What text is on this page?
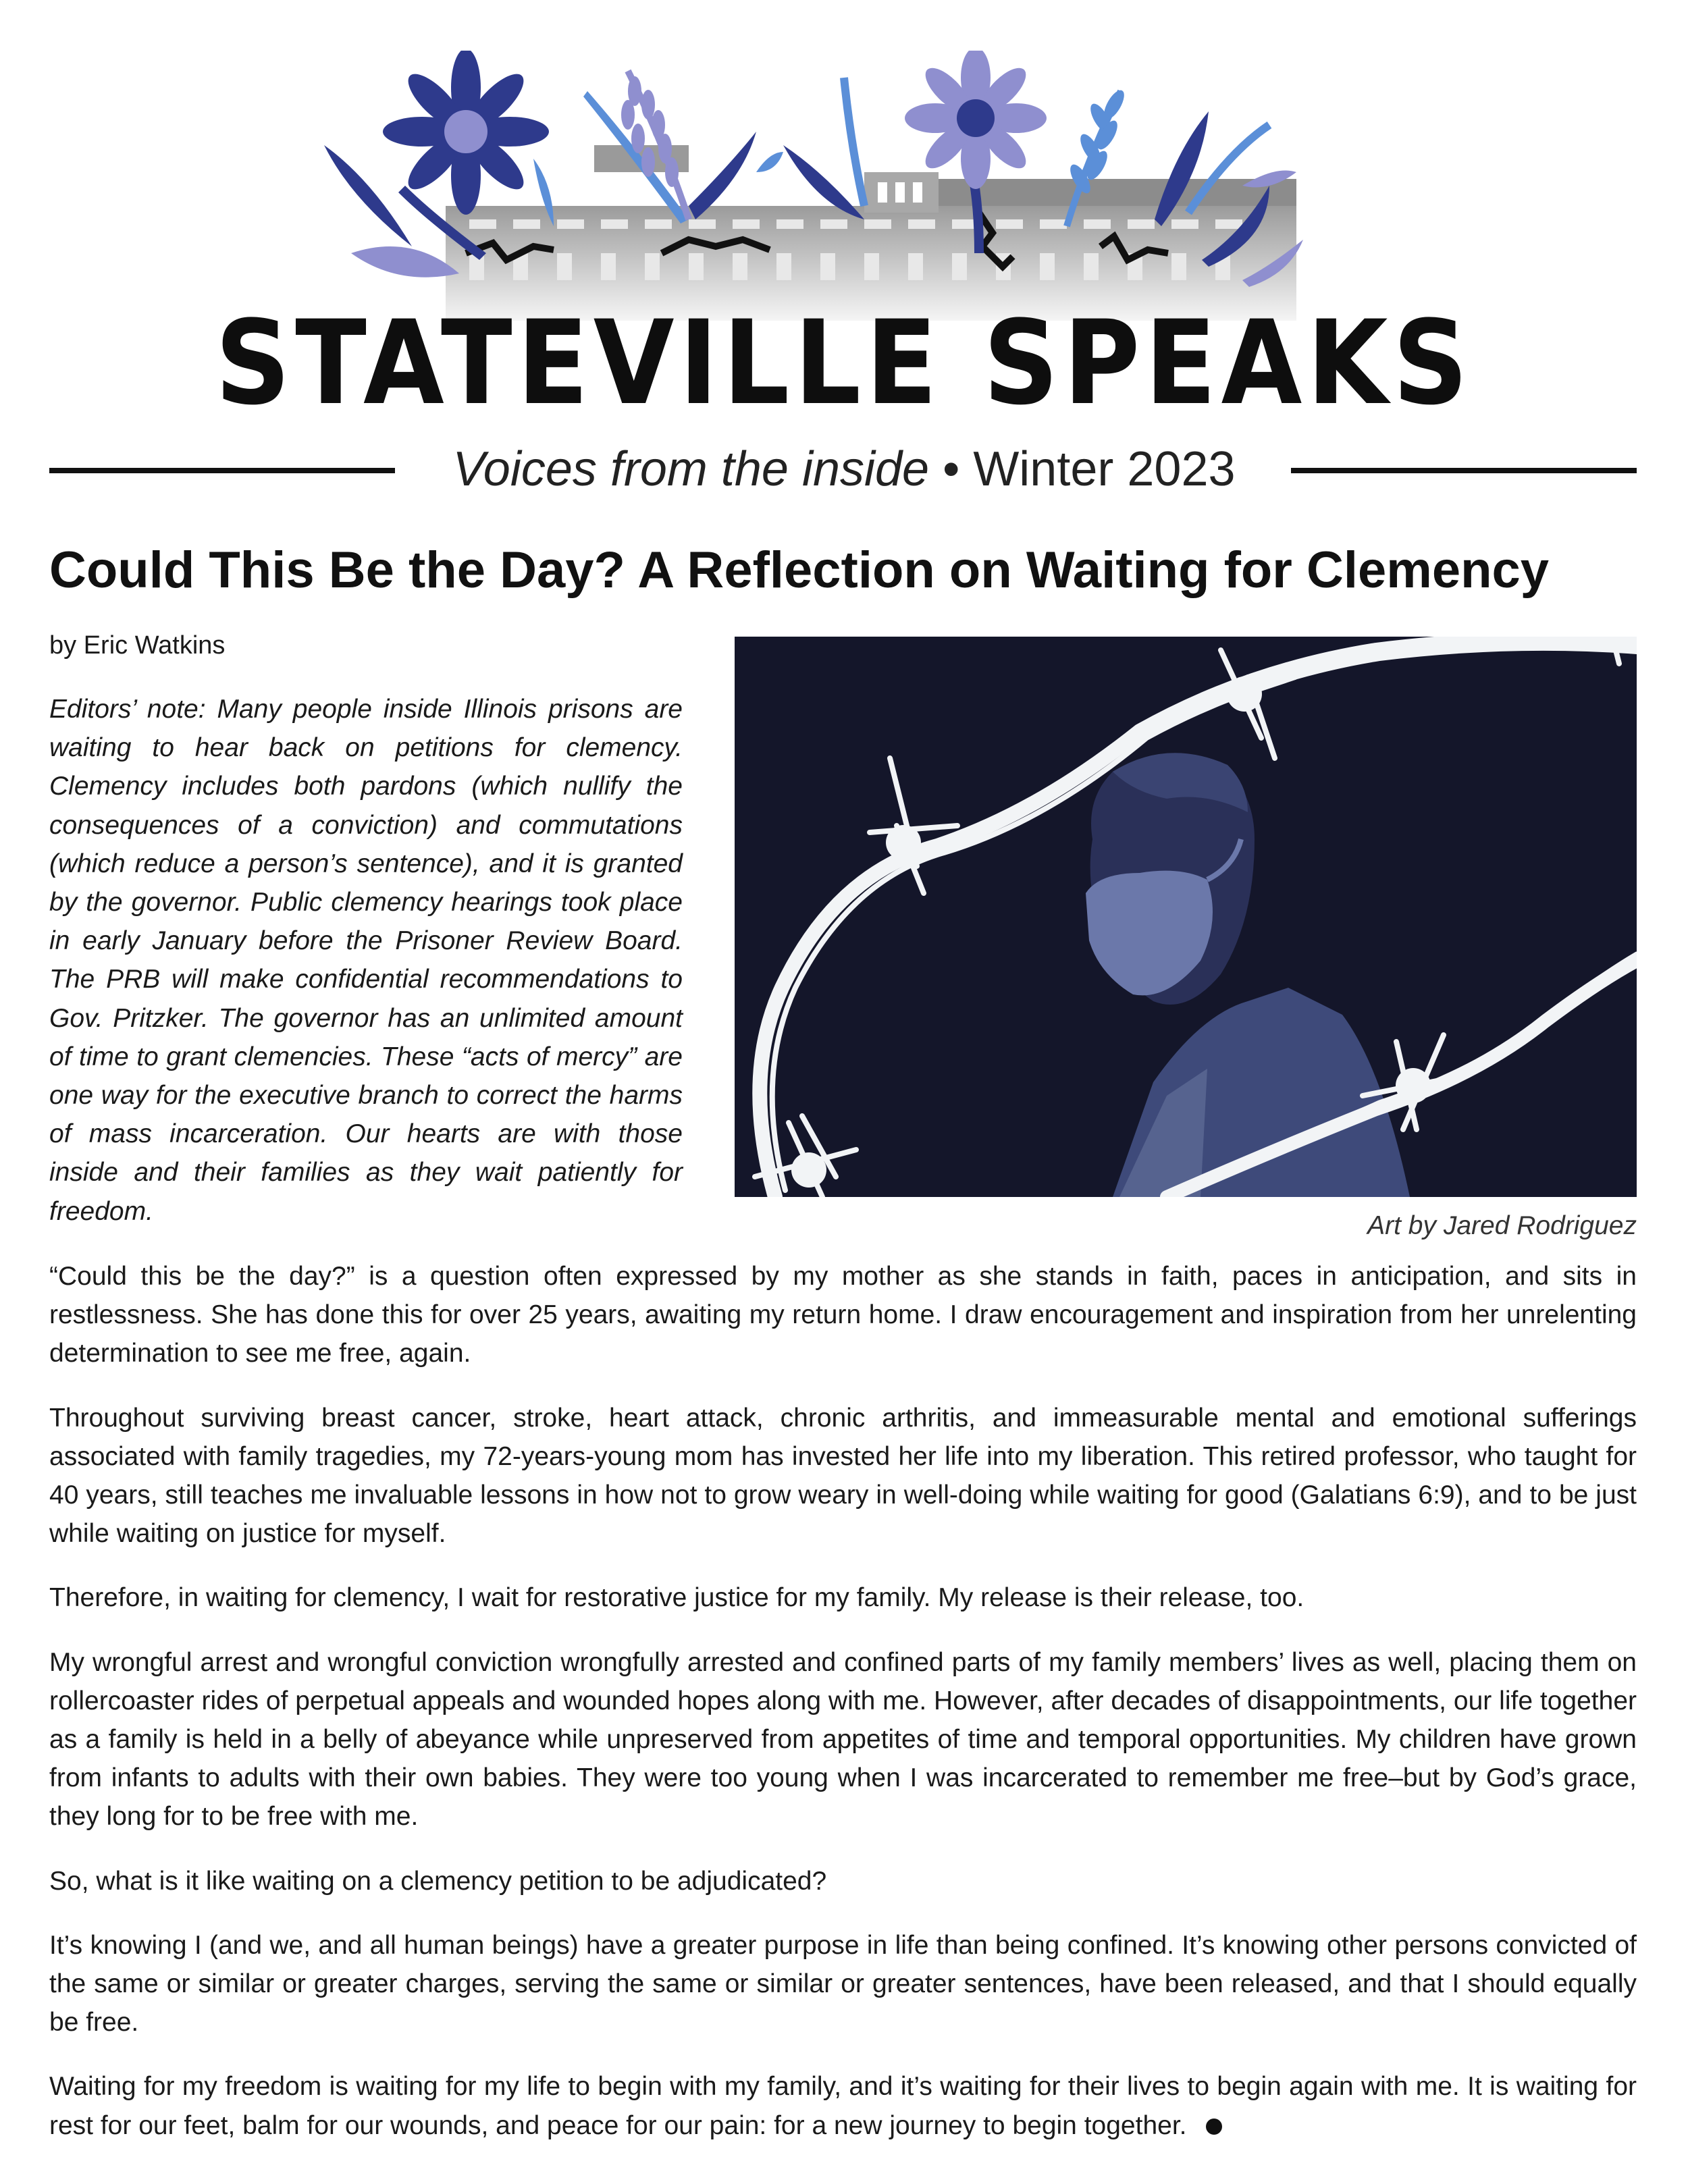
STATEVILLE SPEAKS
Voices from the inside • Winter 2023
Could This Be the Day? A Reflection on Waiting for Clemency
by Eric Watkins

Editors’ note: Many people inside Illinois prisons are waiting to hear back on petitions for clemency. Clemency includes both pardons (which nullify the consequences of a conviction) and commutations (which reduce a person’s sentence), and it is granted by the governor. Public clemency hearings took place in early January before the Prisoner Review Board. The PRB will make confidential recommendations to Gov. Pritzker. The governor has an unlimited amount of time to grant clemencies. These “acts of mercy” are one way for the executive branch to correct the harms of mass incarceration. Our hearts are with those inside and their families as they wait patiently for freedom.	Art by Jared Rodriguez

“Could this be the day?” is a question often expressed by my mother as she stands in faith, paces in anticipation, and sits in restlessness. She has done this for over 25 years, awaiting my return home. I draw encouragement and inspiration from her unrelenting determination to see me free, again.

Throughout surviving breast cancer, stroke, heart attack, chronic arthritis, and immeasurable mental and emotional sufferings associated with family tragedies, my 72-years-young mom has invested her life into my liberation. This retired professor, who taught for 40 years, still teaches me invaluable lessons in how not to grow weary in well-doing while waiting for good (Galatians 6:9), and to be just while waiting on justice for myself.

Therefore, in waiting for clemency, I wait for restorative justice for my family. My release is their release, too.

My wrongful arrest and wrongful conviction wrongfully arrested and confined parts of my family members’ lives as well, placing them on rollercoaster rides of perpetual appeals and wounded hopes along with me. However, after decades of disappointments, our life together as a family is held in a belly of abeyance while unpreserved from appetites of time and temporal opportunities. My children have grown from infants to adults with their own babies. They were too young when I was incarcerated to remember me free–but by God’s grace, they long for to be free with me.

So, what is it like waiting on a clemency petition to be adjudicated?

It’s knowing I (and we, and all human beings) have a greater purpose in life than being confined. It’s knowing other persons convicted of the same or similar or greater charges, serving the same or similar or greater sentences, have been released, and that I should equally be free.

Waiting for my freedom is waiting for my life to begin with my family, and it’s waiting for their lives to begin again with me. It is waiting for rest for our feet, balm for our wounds, and peace for our pain: for a new journey to begin together.
